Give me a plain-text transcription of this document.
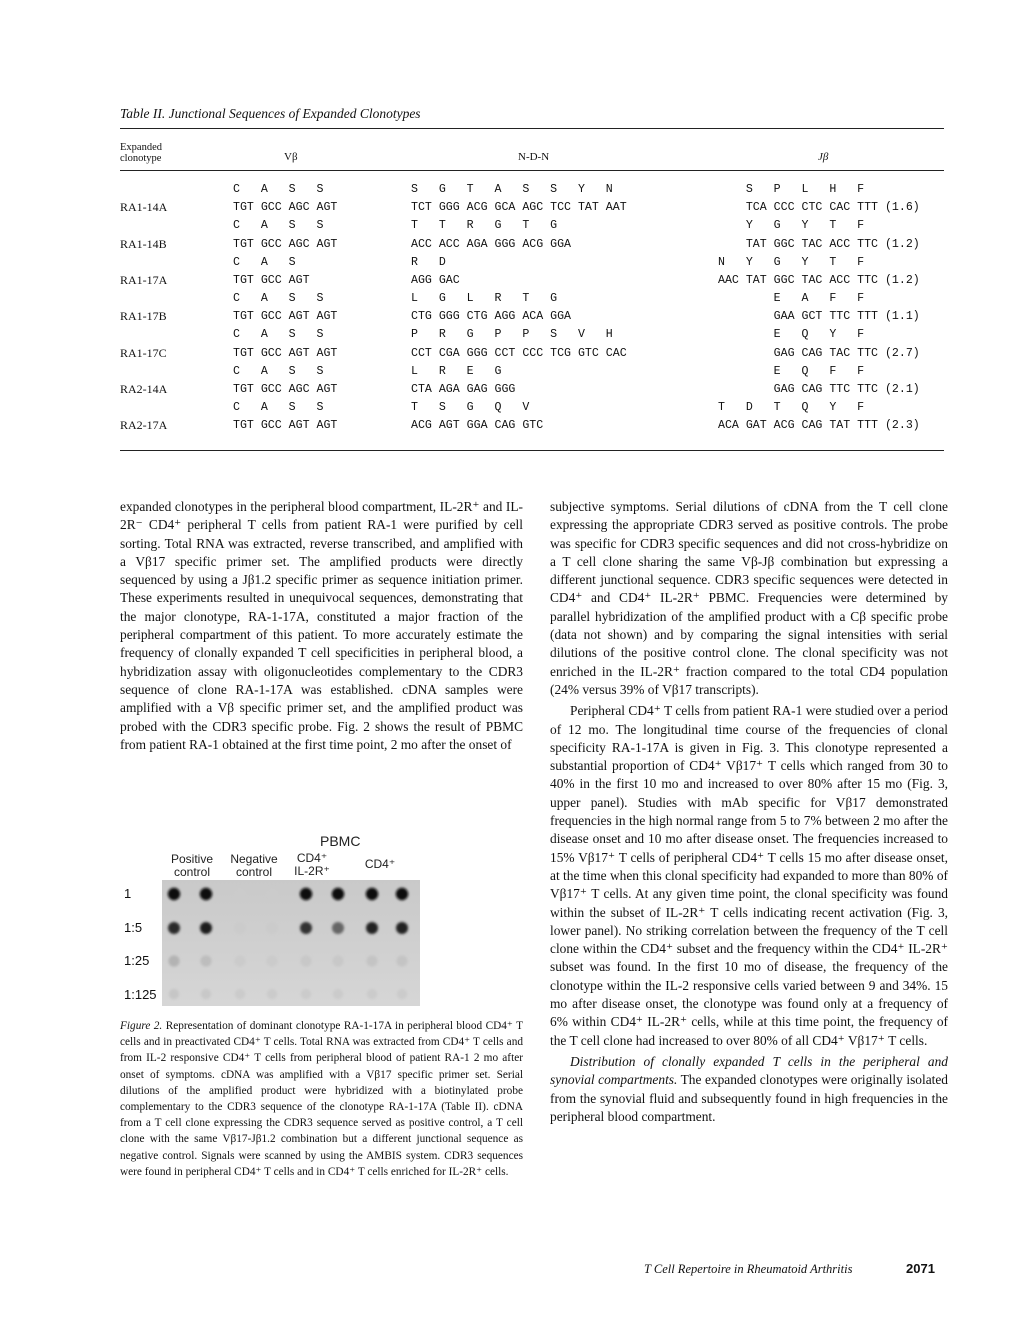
Table II. Junctional Sequences of Expanded Clonotypes
Expanded
clonotype	Vβ	N-D-N	Jβ
RA1-14A
C   A   S   S
TGT GCC AGC AGT
S   G   T   A   S   S   Y   N
TCT GGG ACG GCA AGC TCC TAT AAT
S   P   L   H   F
TCA CCC CTC CAC TTT (1.6)
RA1-14B
C   A   S   S
TGT GCC AGC AGT
T   T   R   G   T   G
ACC ACC AGA GGG ACG GGA
Y   G   Y   T   F
TAT GGC TAC ACC TTC (1.2)
RA1-17A
C   A   S
TGT GCC AGT
R   D
AGG GAC
N   Y   G   Y   T   F
AAC TAT GGC TAC ACC TTC (1.2)
RA1-17B
C   A   S   S
TGT GCC AGT AGT
L   G   L   R   T   G
CTG GGG CTG AGG ACA GGA
E   A   F   F
GAA GCT TTC TTT (1.1)
RA1-17C
C   A   S   S
TGT GCC AGT AGT
P   R   G   P   P   S   V   H
CCT CGA GGG CCT CCC TCG GTC CAC
E   Q   Y   F
GAG CAG TAC TTC (2.7)
RA2-14A
C   A   S   S
TGT GCC AGC AGT
L   R   E   G
CTA AGA GAG GGG
E   Q   F   F
GAG CAG TTC TTC (2.1)
RA2-17A
C   A   S   S
TGT GCC AGT AGT
T   S   G   Q   V
ACG AGT GGA CAG GTC
T   D   T   Q   Y   F
ACA GAT ACG CAG TAT TTT (2.3)

expanded clonotypes in the peripheral blood compartment, IL-2R⁺ and IL-2R⁻ CD4⁺ peripheral T cells from patient RA-1 were purified by cell sorting. Total RNA was extracted, reverse transcribed, and amplified with a Vβ17 specific primer set. The amplified products were directly sequenced by using a Jβ1.2 specific primer as sequence initiation primer. These experiments resulted in unequivocal sequences, demonstrating that the major clonotype, RA-1-17A, constituted a major fraction of the peripheral compartment of this patient. To more accurately estimate the frequency of clonally expanded T cell specificities in peripheral blood, a hybridization assay with oligonucleotides complementary to the CDR3 sequence of clone RA-1-17A was established. cDNA samples were amplified with a Vβ specific primer set, and the amplified product was probed with the CDR3 specific probe. Fig. 2 shows the result of PBMC from patient RA-1 obtained at the first time point, 2 mo after the onset of

PBMC
Positive control
Negative control
CD4⁺
IL-2R⁺	CD4⁺
1
1:5
1:25
1:125
Figure 2. Representation of dominant clonotype RA-1-17A in peripheral blood CD4⁺ T cells and in preactivated CD4⁺ T cells. Total RNA was extracted from CD4⁺ T cells and from IL-2 responsive CD4⁺ T cells from peripheral blood of patient RA-1 2 mo after onset of symptoms. cDNA was amplified with a Vβ17 specific primer set. Serial dilutions of the amplified product were hybridized with a biotinylated probe complementary to the CDR3 sequence of the clonotype RA-1-17A (Table II). cDNA from a T cell clone expressing the CDR3 sequence served as positive control, a T cell clone with the same Vβ17-Jβ1.2 combination but a different junctional sequence as negative control. Signals were scanned by using the AMBIS system. CDR3 sequences were found in peripheral CD4⁺ T cells and in CD4⁺ T cells enriched for IL-2R⁺ cells.

subjective symptoms. Serial dilutions of cDNA from the T cell clone expressing the appropriate CDR3 served as positive controls. The probe was specific for CDR3 specific sequences and did not cross-hybridize on a T cell clone sharing the same Vβ-Jβ combination but expressing a different junctional sequence. CDR3 specific sequences were detected in CD4⁺ and CD4⁺ IL-2R⁺ PBMC. Frequencies were determined by parallel hybridization of the amplified product with a Cβ specific probe (data not shown) and by comparing the signal intensities with serial dilutions of the positive control clone. The clonal specificity was not enriched in the IL-2R⁺ fraction compared to the total CD4 population (24% versus 39% of Vβ17 transcripts).

Peripheral CD4⁺ T cells from patient RA-1 were studied over a period of 12 mo. The longitudinal time course of the frequencies of clonal specificity RA-1-17A is given in Fig. 3. This clonotype represented a substantial proportion of CD4⁺ Vβ17⁺ T cells which ranged from 30 to 40% in the first 10 mo and increased to over 80% after 15 mo (Fig. 3, upper panel). Studies with mAb specific for Vβ17 demonstrated frequencies in the high normal range from 5 to 7% between 2 mo after the disease onset and 10 mo after disease onset. The frequencies increased to 15% Vβ17⁺ T cells of peripheral CD4⁺ T cells 15 mo after disease onset, at the time when this clonal specificity had expanded to more than 80% of Vβ17⁺ T cells. At any given time point, the clonal specificity was found within the subset of IL-2R⁺ T cells indicating recent activation (Fig. 3, lower panel). No striking correlation between the frequency of the T cell clone within the CD4⁺ subset and the frequency within the CD4⁺ IL-2R⁺ subset was found. In the first 10 mo of disease, the frequency of the clonotype within the IL-2 responsive cells varied between 9 and 34%. 15 mo after disease onset, the clonotype was found only at a frequency of 6% within CD4⁺ IL-2R⁺ cells, while at this time point, the frequency of the T cell clone had increased to over 80% of all CD4⁺ Vβ17⁺ T cells.

Distribution of clonally expanded T cells in the peripheral and synovial compartments. The expanded clonotypes were originally isolated from the synovial fluid and subsequently found in high frequencies in the peripheral blood compartment.

T Cell Repertoire in Rheumatoid Arthritis	2071
